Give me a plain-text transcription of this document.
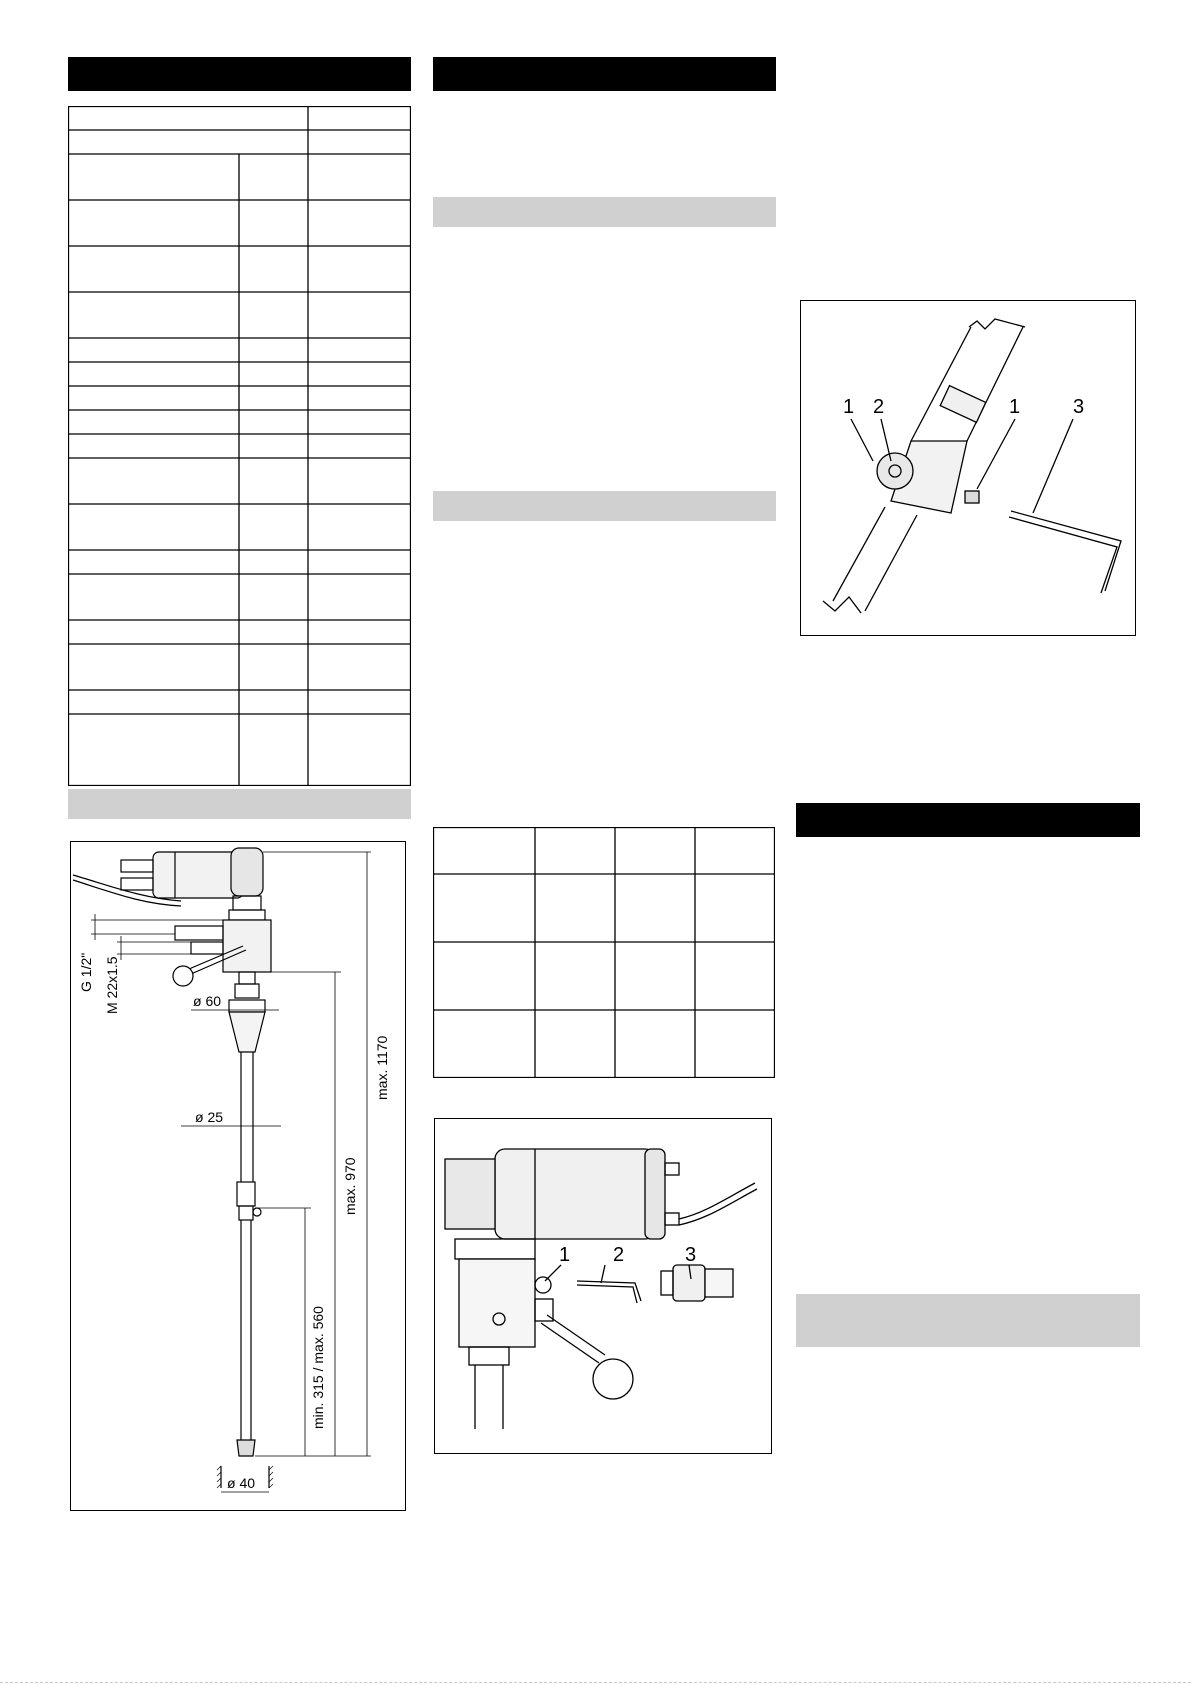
G 1/2" M 22x1.5	ø 60
ø 25
ø 40
max. 1170
max. 970
min. 315 / max. 560
1 2	3
1 2	1	3
